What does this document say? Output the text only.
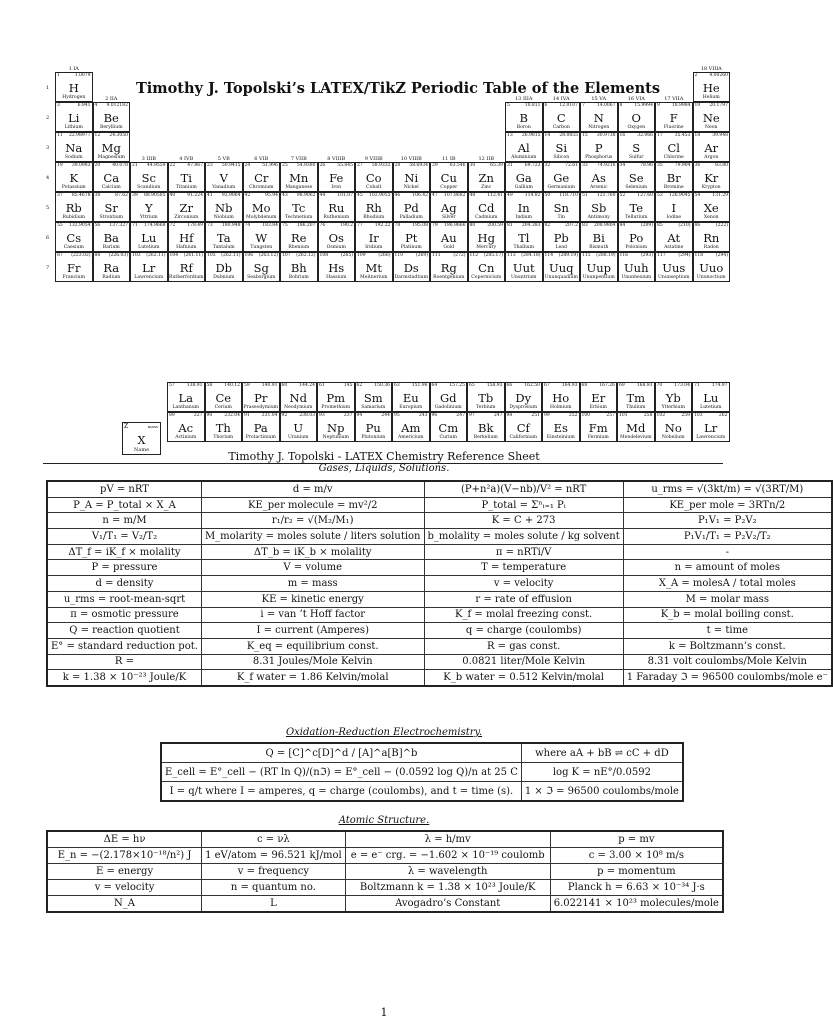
Timothy J. Topolski’s LATEX/TikZ Periodic Table of the Elements
Z	mass
X
Name	Timothy J. Topolski - LATEX Chemistry Reference Sheet
Gases, Liquids, Solutions.
pV = nRT	d = m/v	(P+n²a)(V−nb)/V² = nRT	u_rms = √(3kt/m) = √(3RT/M)
P_A = P_total × X_A	KE_per molecule = mv²/2	P_total = Σⁿᵢ₌₁ Pᵢ	KE_per mole = 3RTn/2
n = m/M	r₁/r₂ = √(M₂/M₁)	K = C + 273	P₁V₁ = P₂V₂
V₁/T₁ = V₂/T₂	M_molarity = moles solute / liters solution	b_molality = moles solute / kg solvent	P₁V₁/T₁ = P₂V₂/T₂
ΔT_f = iK_f × molality	ΔT_b = iK_b × molality	π = nRTi/V	-
P = pressure	V = volume	T = temperature	n = amount of moles
d = density	m = mass	v = velocity	X_A = molesA / total moles
u_rms = root-mean-sqrt	KE = kinetic energy	r = rate of effusion	M = molar mass
π = osmotic pressure	i = van ’t Hoff factor	K_f = molal freezing const.	K_b = molal boiling const.
Q = reaction quotient	I = current (Amperes)	q = charge (coulombs)	t = time
E° = standard reduction pot.	K_eq = equilibrium const.	R = gas const.	k = Boltzmann’s const.
R =	8.31 Joules/Mole Kelvin	0.0821 liter/Mole Kelvin	8.31 volt coulombs/Mole Kelvin
k = 1.38 × 10⁻²³ Joule/K	K_f water = 1.86 Kelvin/molal	K_b water = 0.512 Kelvin/molal	1 Faraday ℑ = 96500 coulombs/mole e⁻
Oxidation-Reduction Electrochemistry.
Q = [C]^c[D]^d / [A]^a[B]^b	where aA + bB ⇌ cC + dD
E_cell = E°_cell − (RT ln Q)/(nℑ) = E°_cell − (0.0592 log Q)/n at 25 C	log K = nE°/0.0592
I = q/t where I = amperes, q = charge (coulombs), and t = time (s).	1 × ℑ = 96500 coulombs/mole
Atomic Structure.
ΔE = hν	c = νλ	λ = h/mv	p = mv
E_n = −(2.178×10⁻¹⁸/n²) J	1 eV/atom = 96.521 kJ/mol	e = e⁻ crg. = −1.602 × 10⁻¹⁹ coulomb	c = 3.00 × 10⁸ m/s
E = energy	v = frequency	λ = wavelength	p = momentum
v = velocity	n = quantum no.	Boltzmann k = 1.38 × 10²³ Joule/K	Planck h = 6.63 × 10⁻³⁴ J·s
N_A	L	Avogadro’s Constant	6.022141 × 10²³ molecules/mole
1
1 IA
2 IIA
3 IIIB	4 IVB	5 VB	6 VIB	7 VIIB	8 VIIIB	9 VIIIB	10 VIIIB	11 IB	12 IIB
13 IIIA	14 IVA	15 VA	16 VIA	17 VIIA
18 VIIIA
1
2
3
4
5
6
7
1	1.0079
H
Hydrogen
2	4.00260
He
Helium
3	6.941
Li
Lithium
4 9.012182
Be
Beryllium
5	10.811
B
Boron
6	12.0107
C
Carbon
7	14.0067
N
Nitrogen
8	15.9994
O
Oxygen
9	18.9984
F
Fluorine
10 20.1797
Ne
Neon
11 22.98977
Na
Sodium
12 24.3050
Mg
Magnesium
13 26.9815
Al
Aluminium
14 28.0855
Si
Silicon
15 30.9738
P
Phosphorus
16	32.066
S
Sulfur
17	35.453
Cl
Chlorine
18	39.948
Ar
Argon
19 39.0983
K
Potassium
20	40.078
Ca
Calcium
21 44.9559
Sc
Scandium
22	47.867
Ti
Titanium
23 50.9415
V
Vanadium
24	51.996
Cr
Chromium
25 54.9380
Mn
Manganese
26	55.845
Fe
Iron
27 58.9332
Co
Cobalt
28 58.6934
Ni
Nickel
29	63.546
Cu
Copper
30	65.39
Zn
Zinc
31	69.723
Ga
Gallium
32	72.61
Ge
Germanium
33 74.9216
As
Arsenic
34	78.96
Se
Selenium
35	79.904
Br
Bromine
36	83.80
Kr
Krypton
37 85.4678
Rb
Rubidium
38	87.62
Sr
Strontium
39 88.90585
Y
Yttrium
40	91.224
Zr
Zirconium
41 92.9064
Nb
Niobium
42	95.94
Mo
Molybdenum
43 98.9062
Tc
Technetium
44	101.07
Ru
Ruthenium
45 102.9055
Rh
Rhodium
46	106.42
Pd
Palladium
47 107.8682
Ag
Silver
48	112.41
Cd
Cadmium
49	114.82
In
Indium
50 118.710
Sn
Tin
51 121.760
Sb
Antimony
52	127.60
Te
Tellurium
53 126.9045
I
Iodine
54	131.29
Xe
Xenon
55 132.9054
Cs
Caesium
56 137.327
Ba
Barium
71 174.9668
Lu
Lutetium
72	178.49
Hf
Hafnium
73 180.948
Ta
Tantalum
74	183.84
W
Tungsten
75 186.207
Re
Rhenium
76	190.2
Os
Osmium
77	192.22
Ir
Iridium
78	195.08
Pt
Platinum
79 196.9666
Au
Gold
80	200.59
Hg
Mercury
81 204.383
Tl
Thallium
82	207.2
Pb
Lead
83 208.9804
Bi
Bismuth
84	(209)
Po
Polonium
85	(210)
At
Astatine
86	(222)
Rn
Radon
87 (223.02)
Fr
Francium
88 (226.03)
Ra
Radium
103 (262.11)
Lr
Lawrencium
104 (261.11)
Rf
Rutherfordium
105 (262.11)
Db
Dubnium
106 (263.12)
Sg
Seaborgium
107 (262.12)
Bh
Bohrium
108	(265)
Hs
Hassium
109	(266)
Mt
Meitnerium
110	(269)
Ds
Darmstadtium
111	(272)
Rg
Roentgenium
112 (285.17)
Cn
Copernicium
113 (284.18)
Uut
Ununtrium
114 (289.19)
Uuq
Ununquadium
115 (288.19)
Uup
Ununpentium
116	(293)
Uuh
Ununhexium
117	(294)
Uus
Ununseptium
118	(294)
Uuo
Ununoctium
57	138.91
La
Lanthanum
58	140.12
Ce
Cerium
59	140.91
Pr
Praseodymium
60	144.24
Nd
Neodymium
61	145
Pm
Promethium
62	150.36
Sm
Samarium
63	151.96
Eu
Europium
64	157.25
Gd
Gadolinium
65	158.93
Tb
Terbium
66	162.50
Dy
Dysprosium
67	164.93
Ho
Holmium
68	167.26
Er
Erbium
69	168.93
Tm
Thulium
70	173.04
Yb
Ytterbium
71	174.97
Lu
Lutetium
89	227
Ac
Actinium
90	232.04
Th
Thorium
91	231.04
Pa
Protactinium
92	238.03
U
Uranium
93	237
Np
Neptunium
94	244
Pu
Plutonium
95	243
Am
Americium
96	247
Cm
Curium
97	247
Bk
Berkelium
98	251
Cf
Californium
99	252
Es
Einsteinium
100	257
Fm
Fermium
101	258
Md
Mendelevium
102	259
No
Nobelium
103	262
Lr
Lawrencium
